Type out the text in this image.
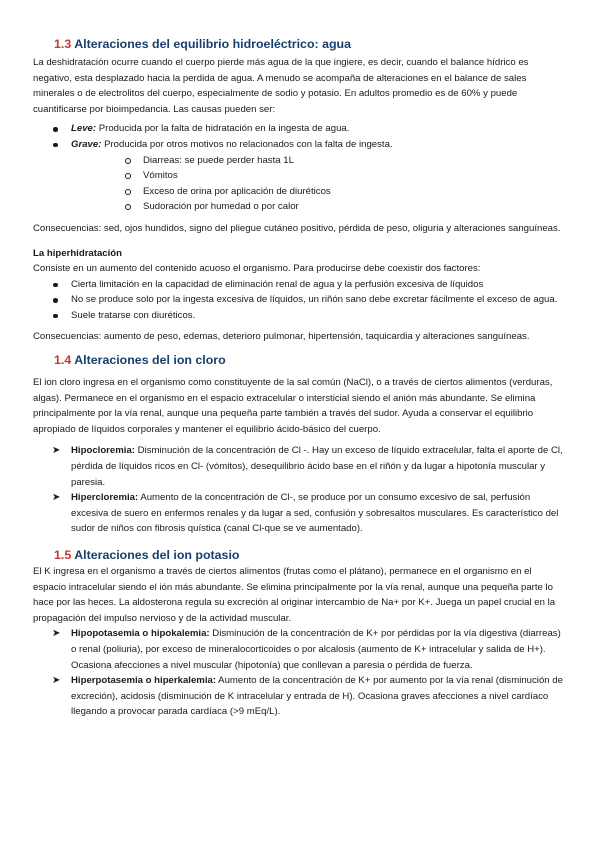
1.3 Alteraciones del equilibrio hidroeléctrico: agua

La deshidratación ocurre cuando el cuerpo pierde más agua de la que ingiere, es decir, cuando el balance hídrico es negativo, esta desplazado hacia la perdida de agua. A menudo se acompaña de alteraciones en el balance de sales minerales o de electrolitos del cuerpo, especialmente de sodio y potasio. En adultos promedio es de 60% y puede cuantificarse por bioimpedancia. Las causas pueden ser:

Leve: Producida por la falta de hidratación en la ingesta de agua.
Grave: Producida por otros motivos no relacionados con la falta de ingesta.
Diarreas: se puede perder hasta 1L
Vómitos
Exceso de orina por aplicación de diuréticos
Sudoración por humedad o por calor

Consecuencias: sed, ojos hundidos, signo del pliegue cutáneo positivo, pérdida de peso, oliguria y alteraciones sanguíneas.

La hiperhidratación

Consiste en un aumento del contenido acuoso el organismo. Para producirse debe coexistir dos factores:

Cierta limitación en la capacidad de eliminación renal de agua y la perfusión excesiva de líquidos
No se produce solo por la ingesta excesiva de líquidos, un riñón sano debe excretar fácilmente el exceso de agua.
Suele tratarse con diuréticos.

Consecuencias: aumento de peso, edemas, deterioro pulmonar, hipertensión, taquicardia y alteraciones sanguíneas.

1.4 Alteraciones del ion cloro

El ion cloro ingresa en el organismo como constituyente de la sal común (NaCl), o a través de ciertos alimentos (verduras, algas). Permanece en el organismo en el espacio extracelular o intersticial siendo el anión más abundante. Se elimina principalmente por la vía renal, aunque una pequeña parte también a través del sudor. Ayuda a conservar el equilibrio apropiado de líquidos corporales y mantener el equilibrio ácido-básico del cuerpo.

➤ Hipocloremia: Disminución de la concentración de Cl -. Hay un exceso de líquido extracelular, falta el aporte de Cl, pérdida de líquidos ricos en Cl- (vómitos), desequilibrio ácido base en el riñón y da lugar a hipotonía muscular y paresia.
➤ Hipercloremia: Aumento de la concentración de Cl-, se produce por un consumo excesivo de sal, perfusión excesiva de suero en enfermos renales y da lugar a sed, confusión y sobresaltos musculares. Es característico del sudor de niños con fibrosis quística (canal Cl-que se ve aumentado).
1.5 Alteraciones del ion potasio

El K ingresa en el organismo a través de ciertos alimentos (frutas como el plátano), permanece en el organismo en el espacio intracelular siendo el ión más abundante. Se elimina principalmente por la vía renal, aunque una pequeña parte lo hace por las heces. La aldosterona regula su excreción al originar intercambio de Na+ por K+. Juega un papel crucial en la propagación del impulso nervioso y de la actividad muscular.

➤ Hipopotasemia o hipokalemia: Disminución de la concentración de K+ por pérdidas por la vía digestiva (diarreas) o renal (poliuria), por exceso de mineralocorticoides o por alcalosis (aumento de K+ intracelular y salida de H+). Ocasiona afecciones a nivel muscular (hipotonía) que conllevan a paresia o pérdida de fuerza.
➤ Hiperpotasemia o hiperkalemia: Aumento de la concentración de K+ por aumento por la vía renal (disminución de excreción), acidosis (disminución de K intracelular y entrada de H). Ocasiona graves afecciones a nivel cardíaco llegando a provocar parada cardíaca (>9 mEq/L).
